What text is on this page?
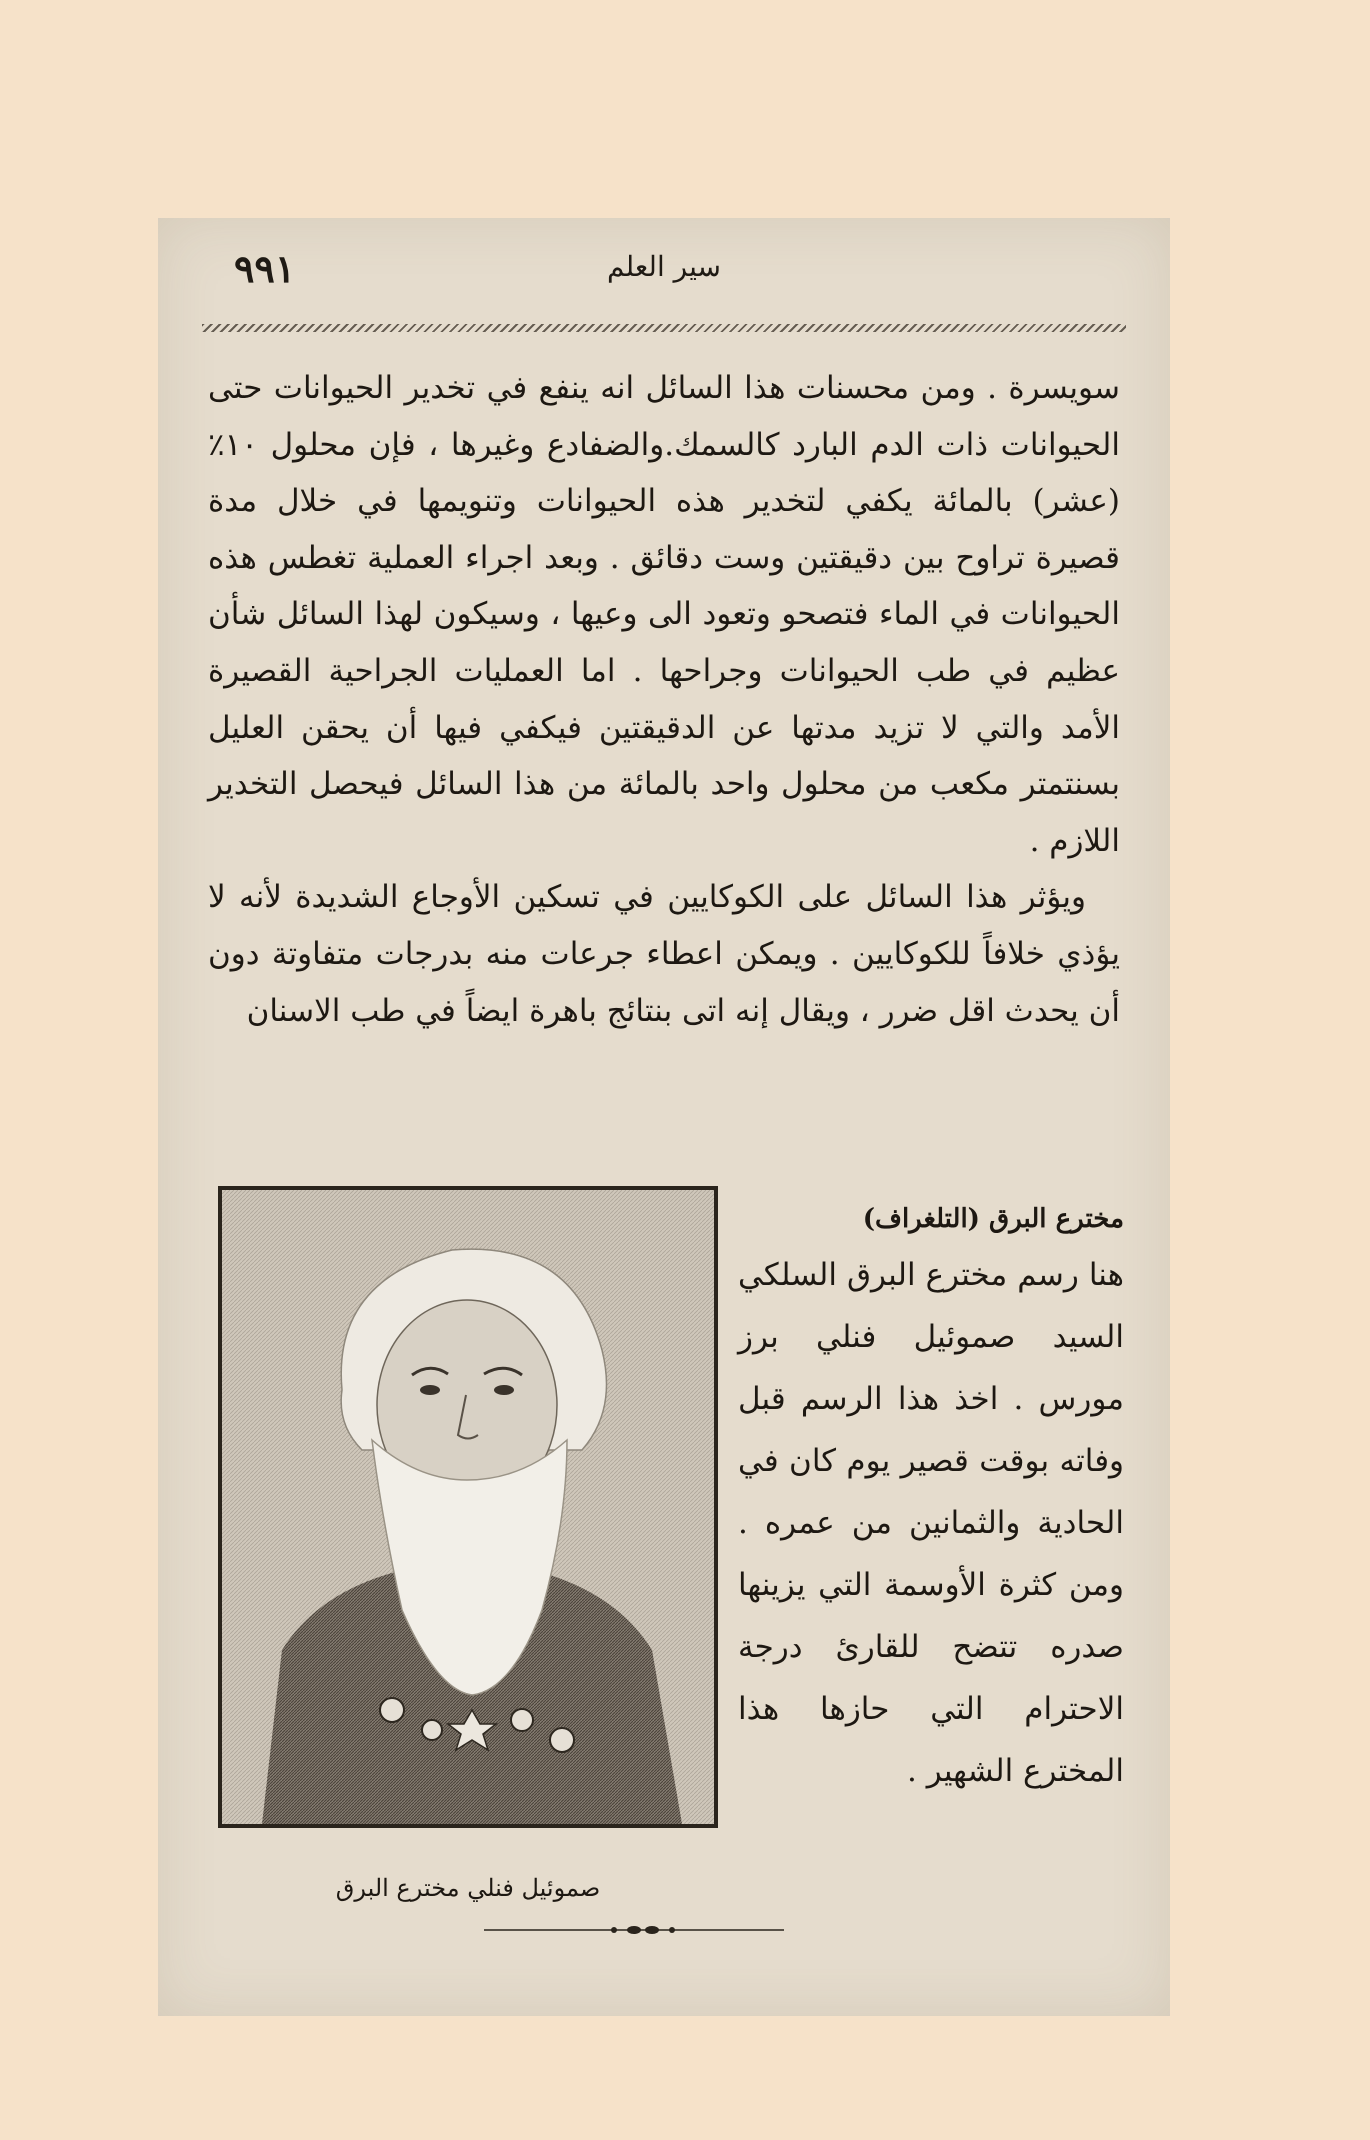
٩٩١	سير العلم

سويسرة . ومن محسنات هذا السائل انه ينفع في تخدير الحيوانات حتى الحيوانات ذات الدم البارد كالسمك.والضفادع وغيرها ، فإن محلول ١٠٪ (عشر) بالمائة يكفي لتخدير هذه الحيوانات وتنويمها في خلال مدة قصيرة تراوح بين دقيقتين وست دقائق . وبعد اجراء العملية تغطس هذه الحيوانات في الماء فتصحو وتعود الى وعيها ، وسيكون لهذا السائل شأن عظيم في طب الحيوانات وجراحها . اما العمليات الجراحية القصيرة الأمد والتي لا تزيد مدتها عن الدقيقتين فيكفي فيها أن يحقن العليل بسنتمتر مكعب من محلول واحد بالمائة من هذا السائل فيحصل التخدير اللازم .

ويؤثر هذا السائل على الكوكايين في تسكين الأوجاع الشديدة لأنه لا يؤذي خلافاً للكوكايين . ويمكن اعطاء جرعات منه بدرجات متفاوتة دون أن يحدث اقل ضرر ، ويقال إنه اتى بنتائج باهرة ايضاً في طب الاسنان

صموئيل فنلي مخترع البرق
مخترع البرق (التلغراف)

هنا رسم مخترع البرق السلكي السيد صموئيل فنلي برز مورس . اخذ هذا الرسم قبل وفاته بوقت قصير يوم كان في الحادية والثمانين من عمره . ومن كثرة الأوسمة التي يزينها صدره تتضح للقارئ درجة الاحترام التي حازها هذا المخترع الشهير .
